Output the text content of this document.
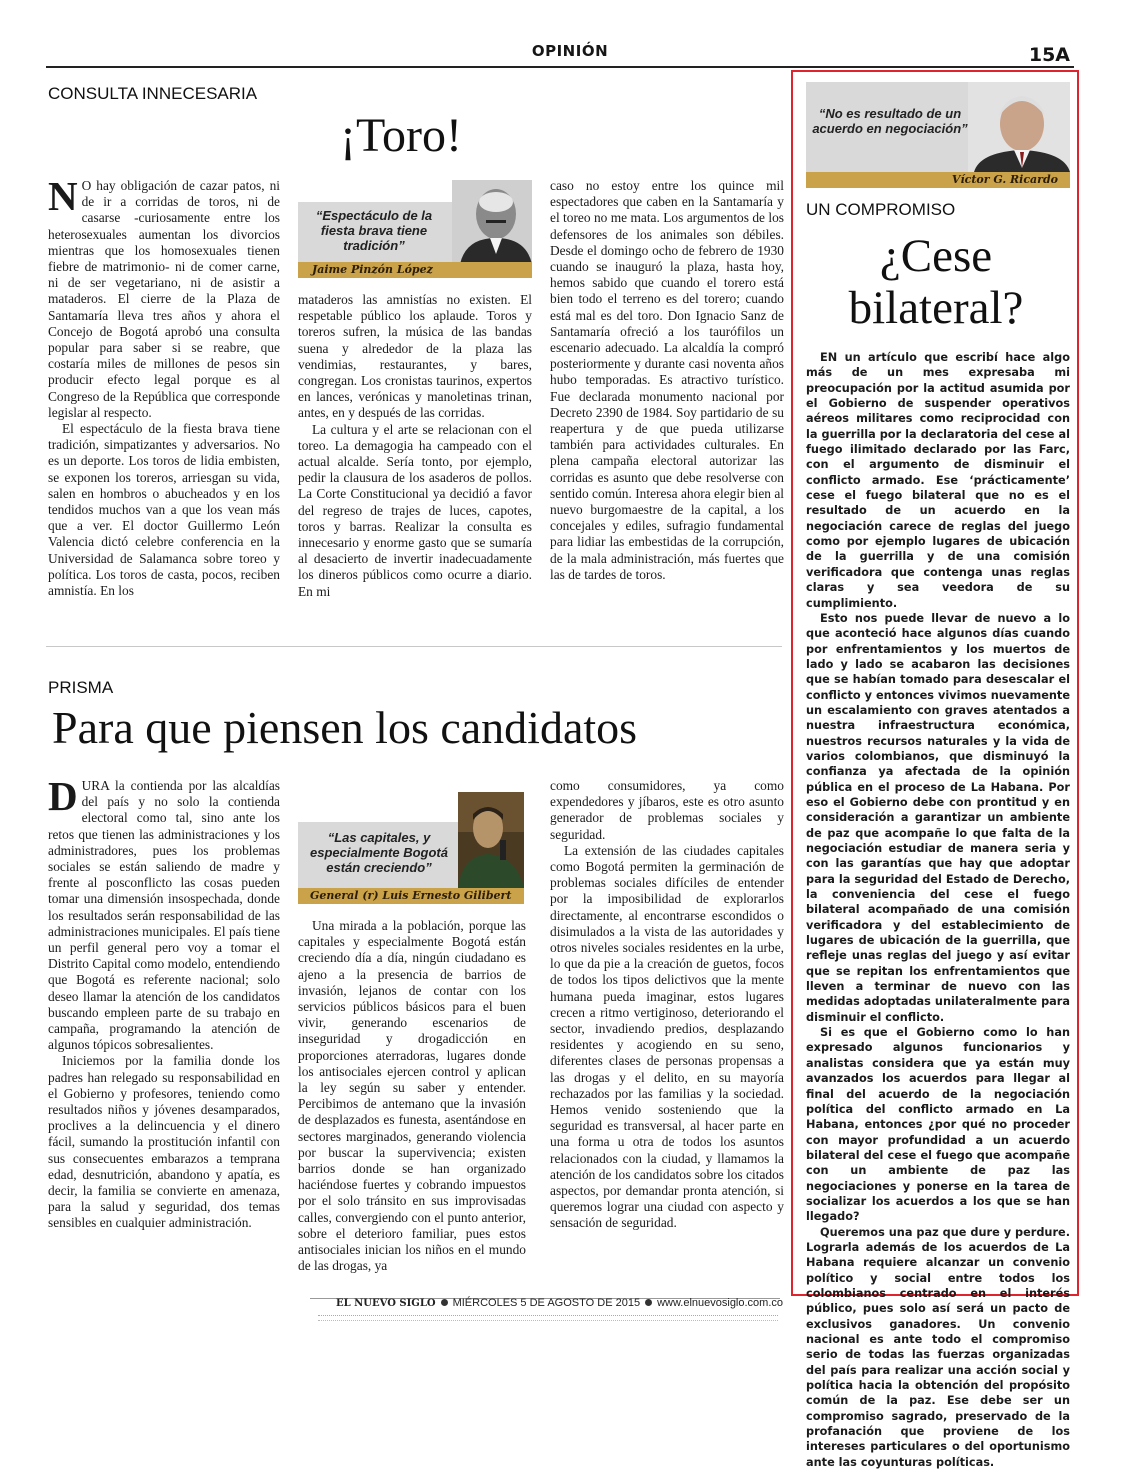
OPINIÓN	15A
CONSULTA INNECESARIA
¡Toro!

N O hay obligación de cazar patos, ni de ir a corridas de toros, ni de casarse -curiosamente entre los heterosexuales aumentan los divorcios mientras que los homosexuales tienen fiebre de matrimonio- ni de comer carne, ni de ser vegetariano, ni de asistir a mataderos. El cierre de la Plaza de Santamaría lleva tres años y ahora el Concejo de Bogotá aprobó una consulta popular para saber si se reabre, que costaría miles de millones de pesos sin producir efecto legal porque es al Congreso de la República que corresponde legislar al respecto.

El espectáculo de la fiesta brava tiene tradición, simpatizantes y adversarios. No es un deporte. Los toros de lidia embisten, se exponen los toreros, arriesgan su vida, salen en hombros o abucheados y en los tendidos muchos van a que los vean más que a ver. El doctor Guillermo León Valencia dictó celebre conferencia en la Universidad de Salamanca sobre toreo y política. Los toros de casta, pocos, reciben amnistía. En los

“Espectáculo de la fiesta brava tiene tradición”
Jaime Pinzón López

mataderos las amnistías no existen. El respetable público los aplaude. Toros y toreros sufren, la música de las bandas suena y alrededor de la plaza las vendimias, restaurantes, y bares, congregan. Los cronistas taurinos, expertos en lances, verónicas y manoletinas trinan, antes, en y después de las corridas.

La cultura y el arte se relacionan con el toreo. La demagogia ha campeado con el actual alcalde. Sería tonto, por ejemplo, pedir la clausura de los asaderos de pollos. La Corte Constitucional ya decidió a favor del regreso de trajes de luces, capotes, toros y barras. Realizar la consulta es innecesario y enorme gasto que se sumaría al desacierto de invertir inadecuadamente los dineros públicos como ocurre a diario. En mi

caso no estoy entre los quince mil espectadores que caben en la Santamaría y el toreo no me mata. Los argumentos de los defensores de los animales son débiles. Desde el domingo ocho de febrero de 1930 cuando se inauguró la plaza, hasta hoy, hemos sabido que cuando el torero está bien todo el terreno es del torero; cuando está mal es del toro. Don Ignacio Sanz de Santamaría ofreció a los taurófilos un escenario adecuado. La alcaldía la compró posteriormente y durante casi noventa años hubo temporadas. Es atractivo turístico. Fue declarada monumento nacional por Decreto 2390 de 1984. Soy partidario de su reapertura y de que pueda utilizarse también para actividades culturales. En plena campaña electoral autorizar las corridas es asunto que debe resolverse con sentido común. Interesa ahora elegir bien al nuevo burgomaestre de la capital, a los concejales y ediles, sufragio fundamental para lidiar las embestidas de la corrupción, de la mala administración, más fuertes que las de tardes de toros.

PRISMA
Para que piensen los candidatos

DURA la contienda por las alcaldías del país y no solo la contienda electoral como tal, sino ante los retos que tienen las administraciones y los administradores, pues los problemas sociales se están saliendo de madre y frente al posconflicto las cosas pueden tomar una dimensión insospechada, donde los resultados serán responsabilidad de las administraciones municipales. El país tiene un perfil general pero voy a tomar el Distrito Capital como modelo, entendiendo que Bogotá es referente nacional; solo deseo llamar la atención de los candidatos buscando empleen parte de su trabajo en campaña, programando la atención de algunos tópicos sobresalientes.

Iniciemos por la familia donde los padres han relegado su responsabilidad en el Gobierno y profesores, teniendo como resultados niños y jóvenes desamparados, proclives a la delincuencia y el dinero fácil, sumando la prostitución infantil con sus consecuentes embarazos a temprana edad, desnutrición, abandono y apatía, es decir, la familia se convierte en amenaza, para la salud y seguridad, dos temas sensibles en cualquier administración.

“Las capitales, y especialmente Bogotá están creciendo”
General (r) Luis Ernesto Gilibert

Una mirada a la población, porque las capitales y especialmente Bogotá están creciendo día a día, ningún ciudadano es ajeno a la presencia de barrios de invasión, lejanos de contar con los servicios públicos básicos para el buen vivir, generando escenarios de inseguridad y drogadicción en proporciones aterradoras, lugares donde los antisociales ejercen control y aplican la ley según su saber y entender. Percibimos de antemano que la invasión de desplazados es funesta, asentándose en sectores marginados, generando violencia por buscar la supervivencia; existen barrios donde se han organizado haciéndose fuertes y cobrando impuestos por el solo tránsito en sus improvisadas calles, convergiendo con el punto anterior, sobre el deterioro familiar, pues estos antisociales inician los niños en el mundo de las drogas, ya

como consumidores, ya como expendedores y jíbaros, este es otro asunto generador de problemas sociales y seguridad.

La extensión de las ciudades capitales como Bogotá permiten la germinación de problemas sociales difíciles de entender por la imposibilidad de explorarlos directamente, al encontrarse escondidos o disimulados a la vista de las autoridades y otros niveles sociales residentes en la urbe, lo que da pie a la creación de guetos, focos de todos los tipos delictivos que la mente humana pueda imaginar, estos lugares crecen a ritmo vertiginoso, deteriorando el sector, invadiendo predios, desplazando residentes y acogiendo en su seno, diferentes clases de personas propensas a las drogas y el delito, en su mayoría rechazados por las familias y la sociedad. Hemos venido sosteniendo que la seguridad es transversal, al hacer parte en una forma u otra de todos los asuntos relacionados con la ciudad, y llamamos la atención de los candidatos sobre los citados aspectos, por demandar pronta atención, si queremos lograr una ciudad con aspecto y sensación de seguridad.

“No es resultado de un acuerdo en negociación”
Víctor G. Ricardo
UN COMPROMISO
¿Cese
bilateral?

EN un artículo que escribí hace algo más de un mes expresaba mi preocupación por la actitud asumida por el Gobierno de suspender operativos aéreos militares como reciprocidad con la guerrilla por la declaratoria del cese al fuego ilimitado declarado por las Farc, con el argumento de disminuir el conflicto armado. Ese ‘prácticamente’ cese el fuego bilateral que no es el resultado de un acuerdo en la negociación carece de reglas del juego como por ejemplo lugares de ubicación de la guerrilla y de una comisión verificadora que contenga unas reglas claras y sea veedora de su cumplimiento.

Esto nos puede llevar de nuevo a lo que aconteció hace algunos días cuando por enfrentamientos y los muertos de lado y lado se acabaron las decisiones que se habían tomado para desescalar el conflicto y entonces vivimos nuevamente un escalamiento con graves atentados a nuestra infraestructura económica, nuestros recursos naturales y la vida de varios colombianos, que disminuyó la confianza ya afectada de la opinión pública en el proceso de La Habana. Por eso el Gobierno debe con prontitud y en consideración a garantizar un ambiente de paz que acompañe lo que falta de la negociación estudiar de manera seria y con las garantías que hay que adoptar para la seguridad del Estado de Derecho, la conveniencia del cese el fuego bilateral acompañado de una comisión verificadora y del establecimiento de lugares de ubicación de la guerrilla, que refleje unas reglas del juego y así evitar que se repitan los enfrentamientos que lleven a terminar de nuevo con las medidas adoptadas unilateralmente para disminuir el conflicto.

Si es que el Gobierno como lo han expresado algunos funcionarios y analistas considera que ya están muy avanzados los acuerdos para llegar al final del acuerdo de la negociación política del conflicto armado en La Habana, entonces ¿por qué no proceder con mayor profundidad a un acuerdo bilateral del cese el fuego que acompañe con un ambiente de paz las negociaciones y ponerse en la tarea de socializar los acuerdos a los que se han llegado?

Queremos una paz que dure y perdure. Lograrla además de los acuerdos de La Habana requiere alcanzar un convenio político y social entre todos los colombianos centrado en el interés público, pues solo así será un pacto de exclusivos ganadores. Un convenio nacional es ante todo el compromiso serio de todas las fuerzas organizadas del país para realizar una acción social y política hacia la obtención del propósito común de la paz. Ese debe ser un compromiso sagrado, preservado de la profanación que proviene de los intereses particulares o del oportunismo ante las coyunturas políticas.

EL NUEVO SIGLO MIÉRCOLES 5 DE AGOSTO DE 2015 www.elnuevosiglo.com.co
